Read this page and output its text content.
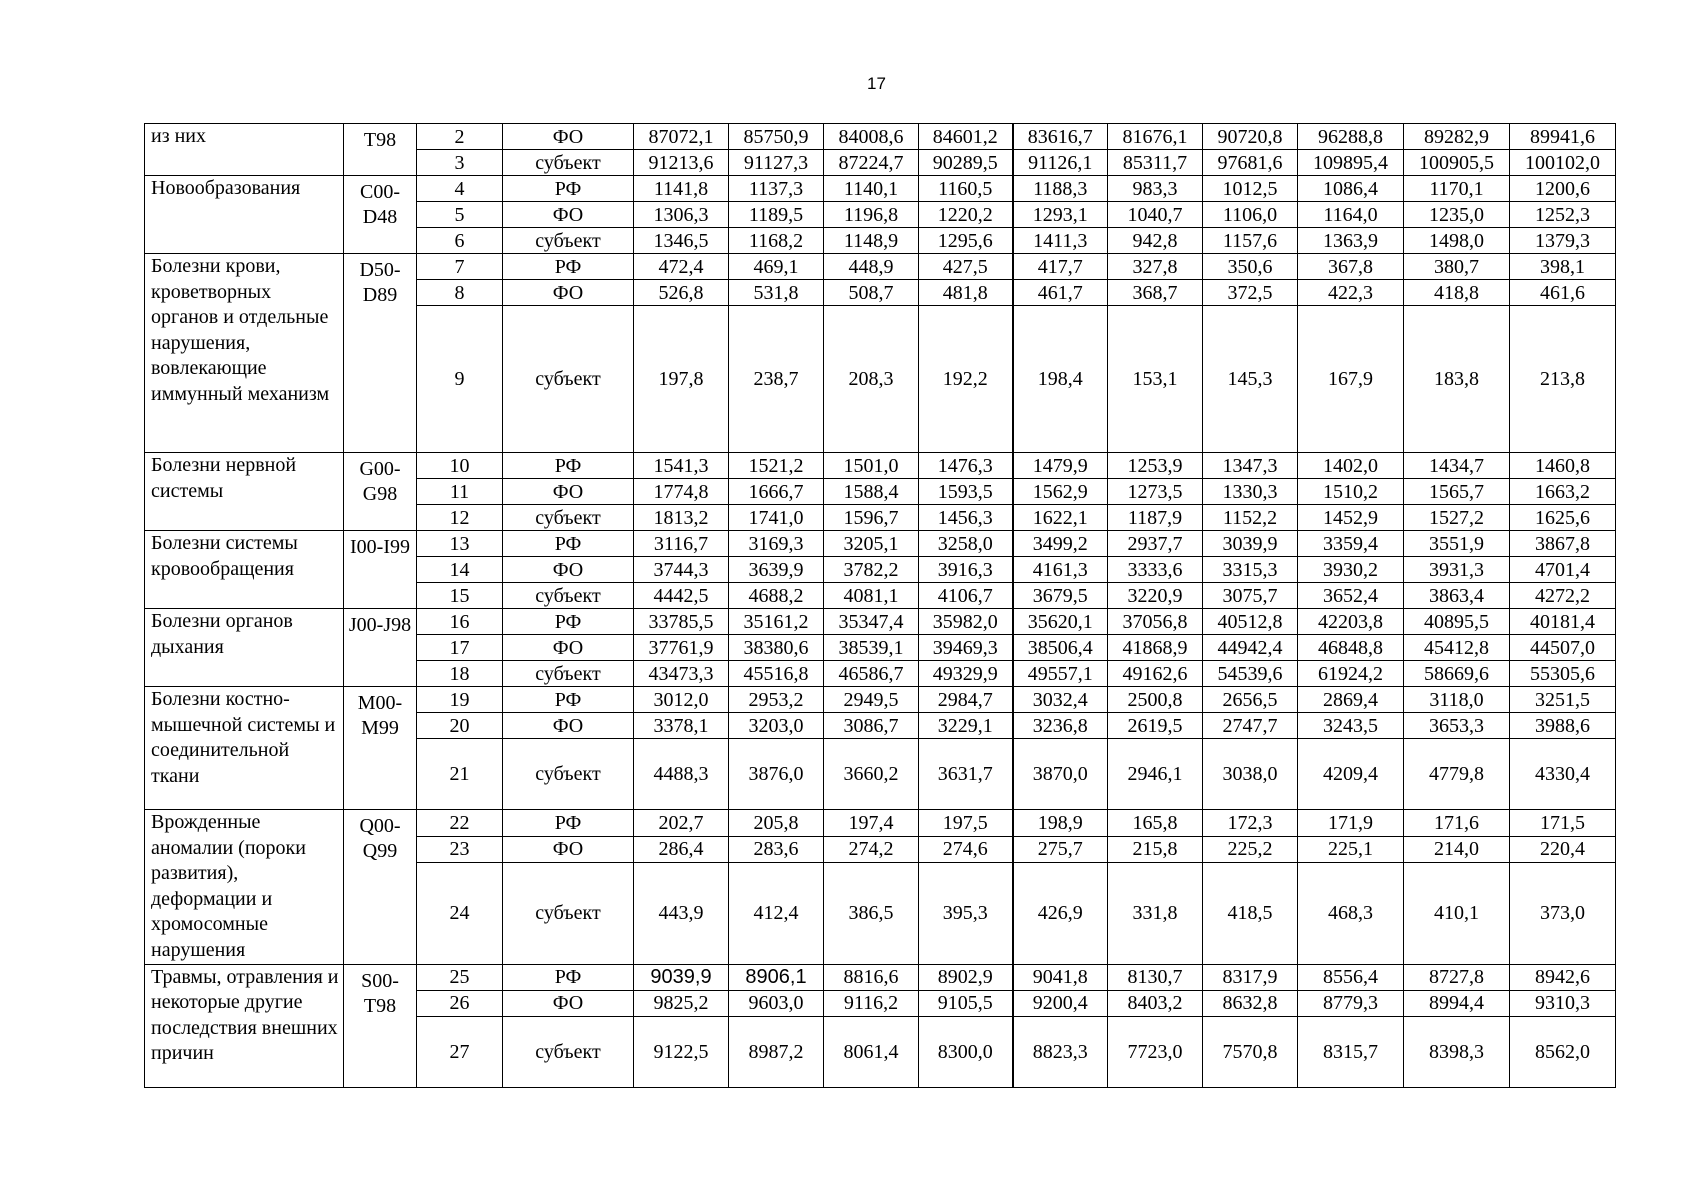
17
из них	T98	2	ФО	87072,1	85750,9	84008,6	84601,2	83616,7	81676,1	90720,8	96288,8	89282,9	89941,6
		3	субъект	91213,6	91127,3	87224,7	90289,5	91126,1	85311,7	97681,6	109895,4	100905,5	100102,0
Новообразования	C00-D48	4	РФ	1141,8	1137,3	1140,1	1160,5	1188,3	983,3	1012,5	1086,4	1170,1	1200,6
		5	ФО	1306,3	1189,5	1196,8	1220,2	1293,1	1040,7	1106,0	1164,0	1235,0	1252,3
		6	субъект	1346,5	1168,2	1148,9	1295,6	1411,3	942,8	1157,6	1363,9	1498,0	1379,3
Болезни крови, кроветворных органов и отдельные нарушения, вовлекающие иммунный механизм	D50-D89	7	РФ	472,4	469,1	448,9	427,5	417,7	327,8	350,6	367,8	380,7	398,1
		8	ФО	526,8	531,8	508,7	481,8	461,7	368,7	372,5	422,3	418,8	461,6
		9	субъект	197,8	238,7	208,3	192,2	198,4	153,1	145,3	167,9	183,8	213,8
Болезни нервной системы	G00-G98	10	РФ	1541,3	1521,2	1501,0	1476,3	1479,9	1253,9	1347,3	1402,0	1434,7	1460,8
		11	ФО	1774,8	1666,7	1588,4	1593,5	1562,9	1273,5	1330,3	1510,2	1565,7	1663,2
		12	субъект	1813,2	1741,0	1596,7	1456,3	1622,1	1187,9	1152,2	1452,9	1527,2	1625,6
Болезни системы кровообращения	I00-I99	13	РФ	3116,7	3169,3	3205,1	3258,0	3499,2	2937,7	3039,9	3359,4	3551,9	3867,8
		14	ФО	3744,3	3639,9	3782,2	3916,3	4161,3	3333,6	3315,3	3930,2	3931,3	4701,4
		15	субъект	4442,5	4688,2	4081,1	4106,7	3679,5	3220,9	3075,7	3652,4	3863,4	4272,2
Болезни органов дыхания	J00-J98	16	РФ	33785,5	35161,2	35347,4	35982,0	35620,1	37056,8	40512,8	42203,8	40895,5	40181,4
		17	ФО	37761,9	38380,6	38539,1	39469,3	38506,4	41868,9	44942,4	46848,8	45412,8	44507,0
		18	субъект	43473,3	45516,8	46586,7	49329,9	49557,1	49162,6	54539,6	61924,2	58669,6	55305,6
Болезни костно-мышечной системы и соединительной ткани	M00-M99	19	РФ	3012,0	2953,2	2949,5	2984,7	3032,4	2500,8	2656,5	2869,4	3118,0	3251,5
		20	ФО	3378,1	3203,0	3086,7	3229,1	3236,8	2619,5	2747,7	3243,5	3653,3	3988,6
		21	субъект	4488,3	3876,0	3660,2	3631,7	3870,0	2946,1	3038,0	4209,4	4779,8	4330,4
Врожденные аномалии (пороки развития), деформации и хромосомные нарушения	Q00-Q99	22	РФ	202,7	205,8	197,4	197,5	198,9	165,8	172,3	171,9	171,6	171,5
		23	ФО	286,4	283,6	274,2	274,6	275,7	215,8	225,2	225,1	214,0	220,4
		24	субъект	443,9	412,4	386,5	395,3	426,9	331,8	418,5	468,3	410,1	373,0
Травмы, отравления и некоторые другие последствия внешних причин	S00-T98	25	РФ	9039,9	8906,1	8816,6	8902,9	9041,8	8130,7	8317,9	8556,4	8727,8	8942,6
		26	ФО	9825,2	9603,0	9116,2	9105,5	9200,4	8403,2	8632,8	8779,3	8994,4	9310,3
		27	субъект	9122,5	8987,2	8061,4	8300,0	8823,3	7723,0	7570,8	8315,7	8398,3	8562,0
